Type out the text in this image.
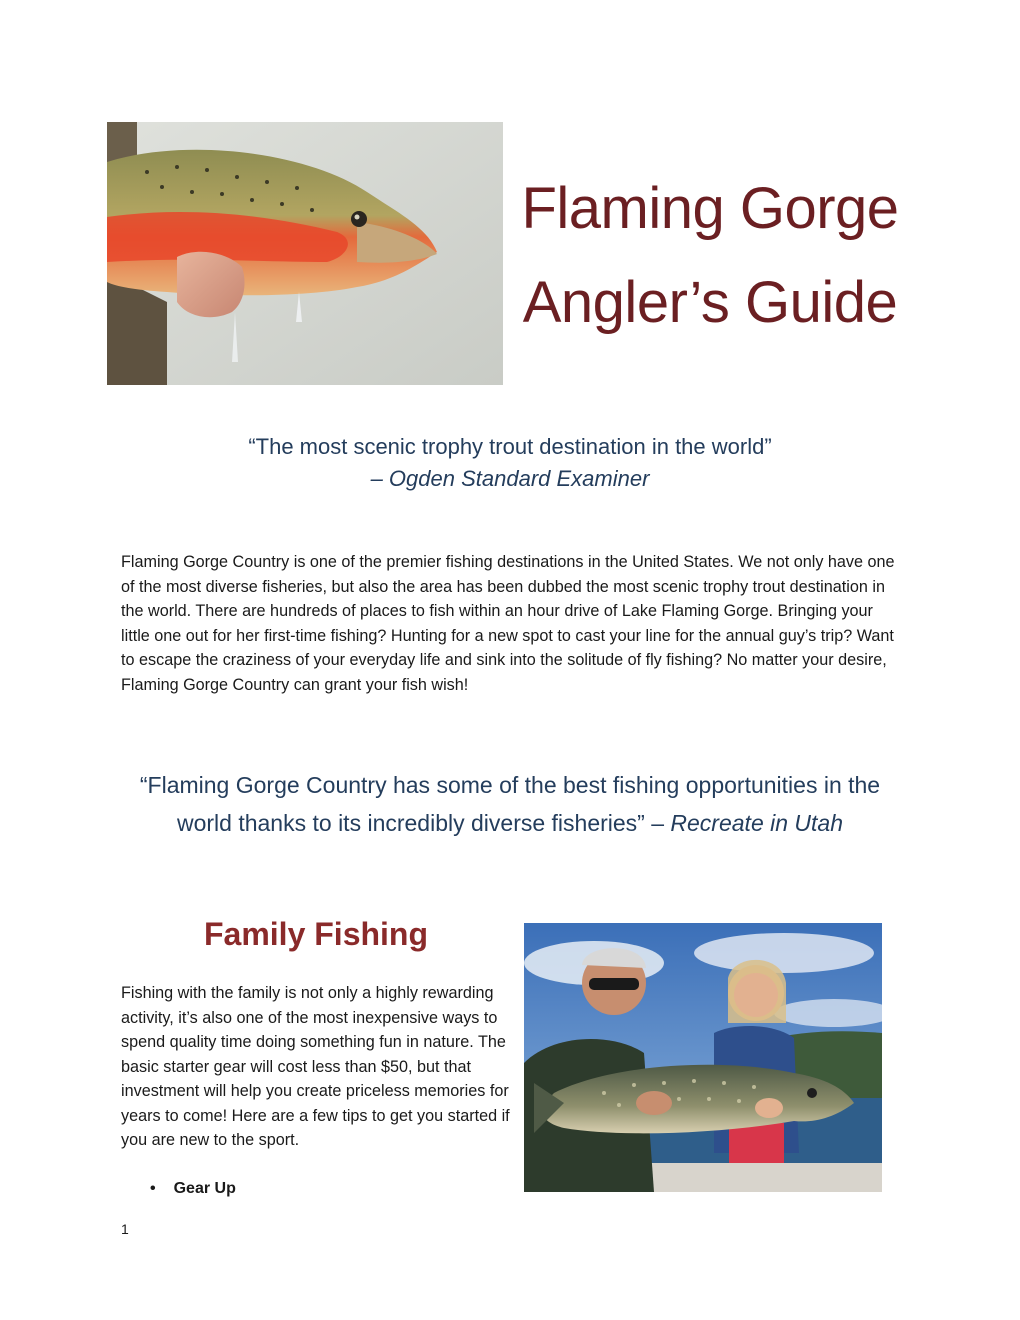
Flaming Gorge
Angler’s Guide
“The most scenic trophy trout destination in the world”
– Ogden Standard Examiner
Flaming Gorge Country is one of the premier fishing destinations in the United States. We not only have one of the most diverse fisheries, but also the area has been dubbed the most scenic trophy trout destination in the world. There are hundreds of places to fish within an hour drive of Lake Flaming Gorge. Bringing your little one out for her first-time fishing? Hunting for a new spot to cast your line for the annual guy’s trip? Want to escape the craziness of your everyday life and sink into the solitude of fly fishing? No matter your desire, Flaming Gorge Country can grant your fish wish!
“Flaming Gorge Country has some of the best fishing opportunities in the world thanks to its incredibly diverse fisheries” – Recreate in Utah
Family Fishing
Fishing with the family is not only a highly rewarding activity, it’s also one of the most inexpensive ways to spend quality time doing something fun in nature. The basic starter gear will cost less than $50, but that investment will help you create priceless memories for years to come! Here are a few tips to get you started if you are new to the sport.
• Gear Up
1
